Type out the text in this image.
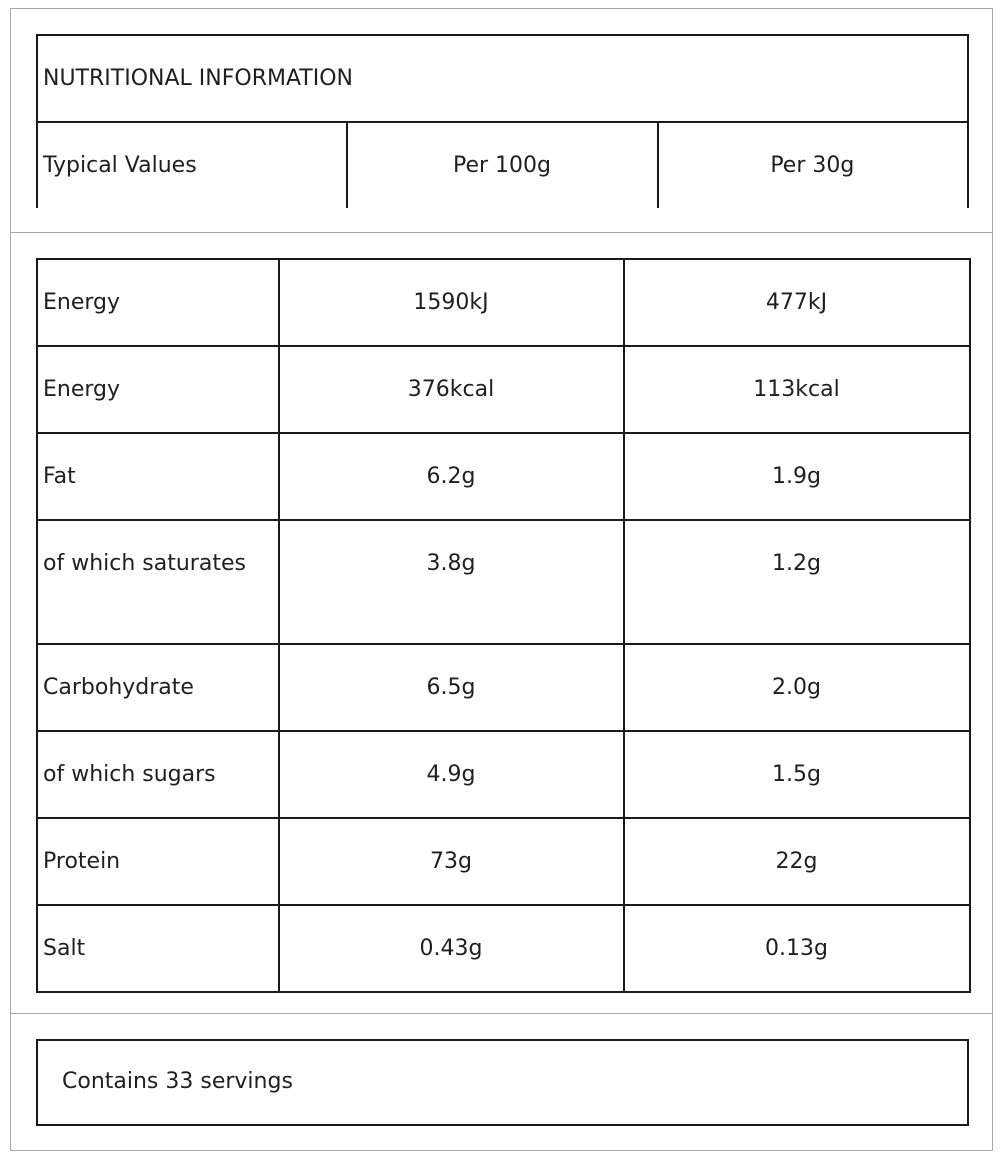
NUTRITIONAL INFORMATION
Typical Values	Per 100g	Per 30g
Energy	1590kJ	477kJ
Energy	376kcal	113kcal
Fat	6.2g	1.9g
of which saturates	3.8g	1.2g
Carbohydrate	6.5g	2.0g
of which sugars	4.9g	1.5g
Protein	73g	22g
Salt	0.43g	0.13g
Contains 33 servings
